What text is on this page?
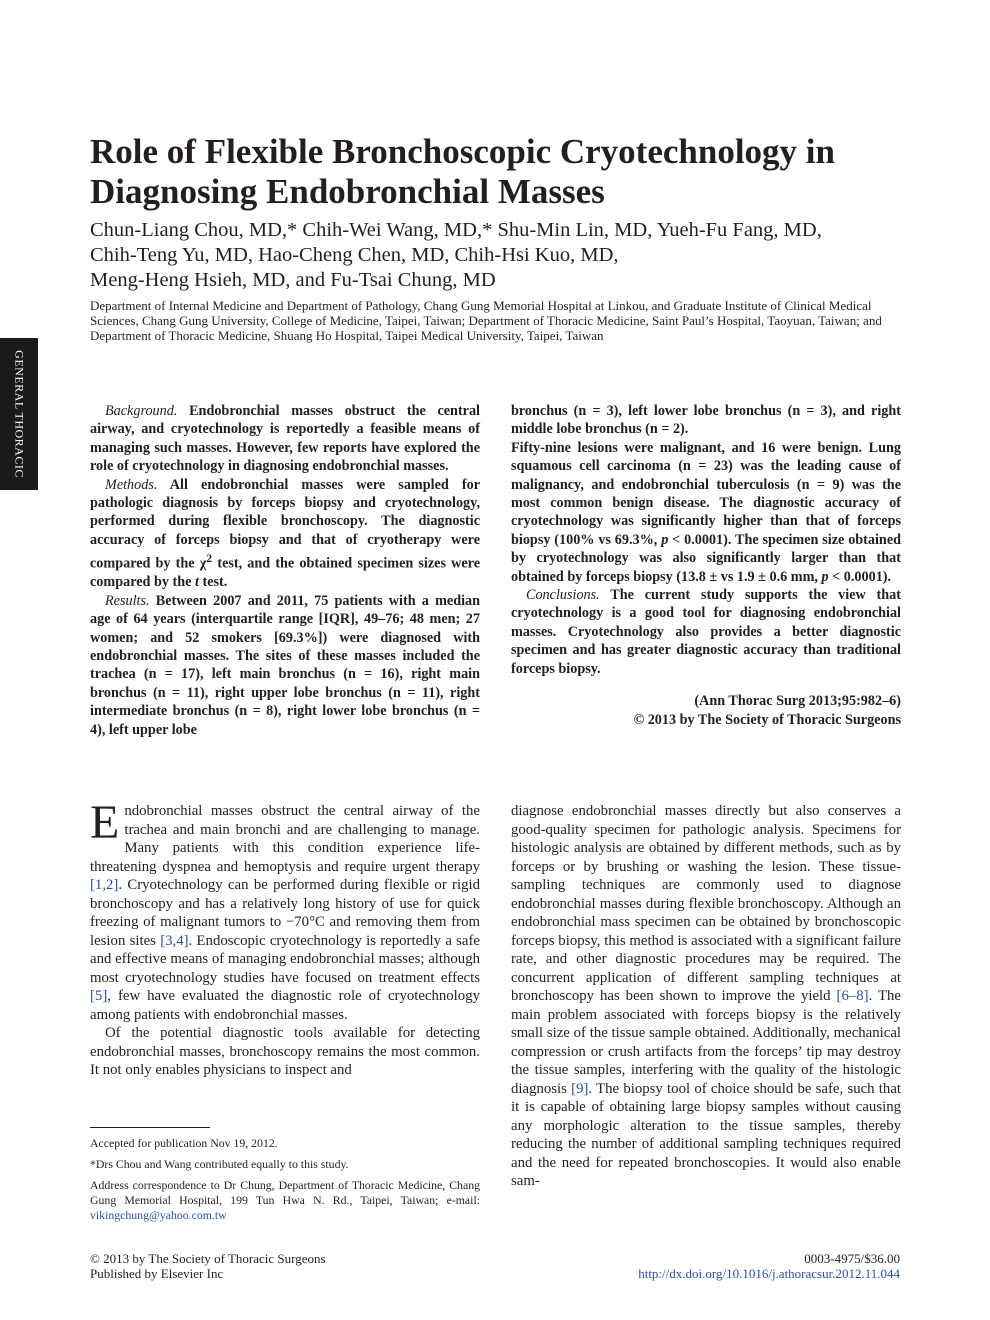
GENERAL THORACIC
Role of Flexible Bronchoscopic Cryotechnology in Diagnosing Endobronchial Masses
Chun-Liang Chou, MD,* Chih-Wei Wang, MD,* Shu-Min Lin, MD, Yueh-Fu Fang, MD,
Chih-Teng Yu, MD, Hao-Cheng Chen, MD, Chih-Hsi Kuo, MD,
Meng-Heng Hsieh, MD, and Fu-Tsai Chung, MD
Department of Internal Medicine and Department of Pathology, Chang Gung Memorial Hospital at Linkou, and Graduate Institute of Clinical Medical Sciences, Chang Gung University, College of Medicine, Taipei, Taiwan; Department of Thoracic Medicine, Saint Paul’s Hospital, Taoyuan, Taiwan; and Department of Thoracic Medicine, Shuang Ho Hospital, Taipei Medical University, Taipei, Taiwan

Background. Endobronchial masses obstruct the central airway, and cryotechnology is reportedly a feasible means of managing such masses. However, few reports have explored the role of cryotechnology in diagnosing endobronchial masses.

Methods. All endobronchial masses were sampled for pathologic diagnosis by forceps biopsy and cryotechnology, performed during flexible bronchoscopy. The diagnostic accuracy of forceps biopsy and that of cryotherapy were compared by the $\chi^2$ test, and the obtained specimen sizes were compared by the t test.

Results. Between 2007 and 2011, 75 patients with a median age of 64 years (interquartile range [IQR], 49–76; 48 men; 27 women; and 52 smokers [69.3%]) were diagnosed with endobronchial masses. The sites of these masses included the trachea (n = 17), left main bronchus (n = 16), right main bronchus (n = 11), right upper lobe bronchus (n = 11), right intermediate bronchus (n = 8), right lower lobe bronchus (n = 4), left upper lobe

bronchus (n = 3), left lower lobe bronchus (n = 3), and right middle lobe bronchus (n = 2).

Fifty-nine lesions were malignant, and 16 were benign. Lung squamous cell carcinoma (n = 23) was the leading cause of malignancy, and endobronchial tuberculosis (n = 9) was the most common benign disease. The diagnostic accuracy of cryotechnology was significantly higher than that of forceps biopsy (100% vs 69.3%, p < 0.0001). The specimen size obtained by cryotechnology was also significantly larger than that obtained by forceps biopsy (13.8 ± vs 1.9 ± 0.6 mm, p < 0.0001).

Conclusions. The current study supports the view that cryotechnology is a good tool for diagnosing endobronchial masses. Cryotechnology also provides a better diagnostic specimen and has greater diagnostic accuracy than traditional forceps biopsy.

(Ann Thorac Surg 2013;95:982–6)

© 2013 by The Society of Thoracic Surgeons

Endobronchial masses obstruct the central airway of the trachea and main bronchi and are challenging to manage. Many patients with this condition experience life-threatening dyspnea and hemoptysis and require urgent therapy [1,2]. Cryotechnology can be performed during flexible or rigid bronchoscopy and has a relatively long history of use for quick freezing of malignant tumors to −70°C and removing them from lesion sites [3,4]. Endoscopic cryotechnology is reportedly a safe and effective means of managing endobronchial masses; although most cryotechnology studies have focused on treatment effects [5], few have evaluated the diagnostic role of cryotechnology among patients with endobronchial masses.

Of the potential diagnostic tools available for detecting endobronchial masses, bronchoscopy remains the most common. It not only enables physicians to inspect and

diagnose endobronchial masses directly but also conserves a good-quality specimen for pathologic analysis. Specimens for histologic analysis are obtained by different methods, such as by forceps or by brushing or washing the lesion. These tissue-sampling techniques are commonly used to diagnose endobronchial masses during flexible bronchoscopy. Although an endobronchial mass specimen can be obtained by bronchoscopic forceps biopsy, this method is associated with a significant failure rate, and other diagnostic procedures may be required. The concurrent application of different sampling techniques at bronchoscopy has been shown to improve the yield [6–8]. The main problem associated with forceps biopsy is the relatively small size of the tissue sample obtained. Additionally, mechanical compression or crush artifacts from the forceps’ tip may destroy the tissue samples, interfering with the quality of the histologic diagnosis [9]. The biopsy tool of choice should be safe, such that it is capable of obtaining large biopsy samples without causing any morphologic alteration to the tissue samples, thereby reducing the number of additional sampling techniques required and the need for repeated bronchoscopies. It would also enable sam-

Accepted for publication Nov 19, 2012.

*Drs Chou and Wang contributed equally to this study.

Address correspondence to Dr Chung, Department of Thoracic Medicine, Chang Gung Memorial Hospital, 199 Tun Hwa N. Rd., Taipei, Taiwan; e-mail: vikingchung@yahoo.com.tw

© 2013 by The Society of Thoracic Surgeons
Published by Elsevier Inc
0003-4975/$36.00
http://dx.doi.org/10.1016/j.athoracsur.2012.11.044
